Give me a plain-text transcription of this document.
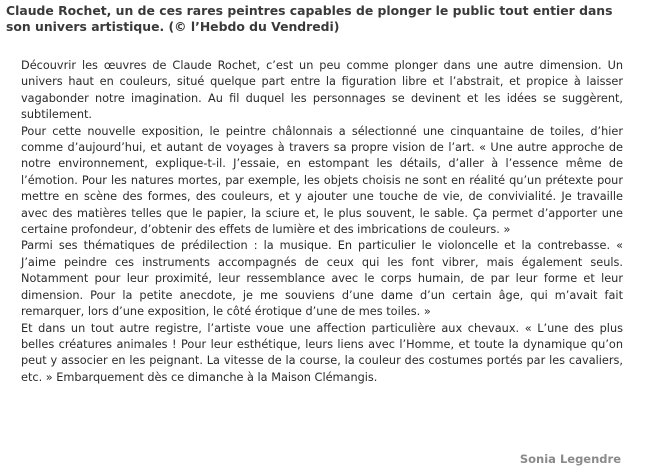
Claude Rochet, un de ces rares peintres capables de plonger le public tout entier dans son univers artistique. (© l’Hebdo du Vendredi)

Découvrir les œuvres de Claude Rochet, c’est un peu comme plonger dans une autre dimension. Un univers haut en couleurs, situé quelque part entre la figuration libre et l’abstrait, et propice à laisser vagabonder notre imagination. Au fil duquel les personnages se devinent et les idées se suggèrent, subtilement.

Pour cette nouvelle exposition, le peintre châlonnais a sélectionné une cinquantaine de toiles, d’hier comme d’aujourd’hui, et autant de voyages à travers sa propre vision de l’art. « Une autre approche de notre environnement, explique-t-il. J’essaie, en estompant les détails, d’aller à l’essence même de l’émotion. Pour les natures mortes, par exemple, les objets choisis ne sont en réalité qu’un prétexte pour mettre en scène des formes, des couleurs, et y ajouter une touche de vie, de convivialité. Je travaille avec des matières telles que le papier, la sciure et, le plus souvent, le sable. Ça permet d’apporter une certaine profondeur, d’obtenir des effets de lumière et des imbrications de couleurs. »

Parmi ses thématiques de prédilection : la musique. En particulier le violoncelle et la contrebasse. « J’aime peindre ces instruments accompagnés de ceux qui les font vibrer, mais également seuls. Notamment pour leur proximité, leur ressemblance avec le corps humain, de par leur forme et leur dimension. Pour la petite anecdote, je me souviens d’une dame d’un certain âge, qui m’avait fait remarquer, lors d’une exposition, le côté érotique d’une de mes toiles. »

Et dans un tout autre registre, l’artiste voue une affection particulière aux chevaux. « L’une des plus belles créatures animales ! Pour leur esthétique, leurs liens avec l’Homme, et toute la dynamique qu’on peut y associer en les peignant. La vitesse de la course, la couleur des costumes portés par les cavaliers, etc. » Embarquement dès ce dimanche à la Maison Clémangis.

Sonia Legendre
